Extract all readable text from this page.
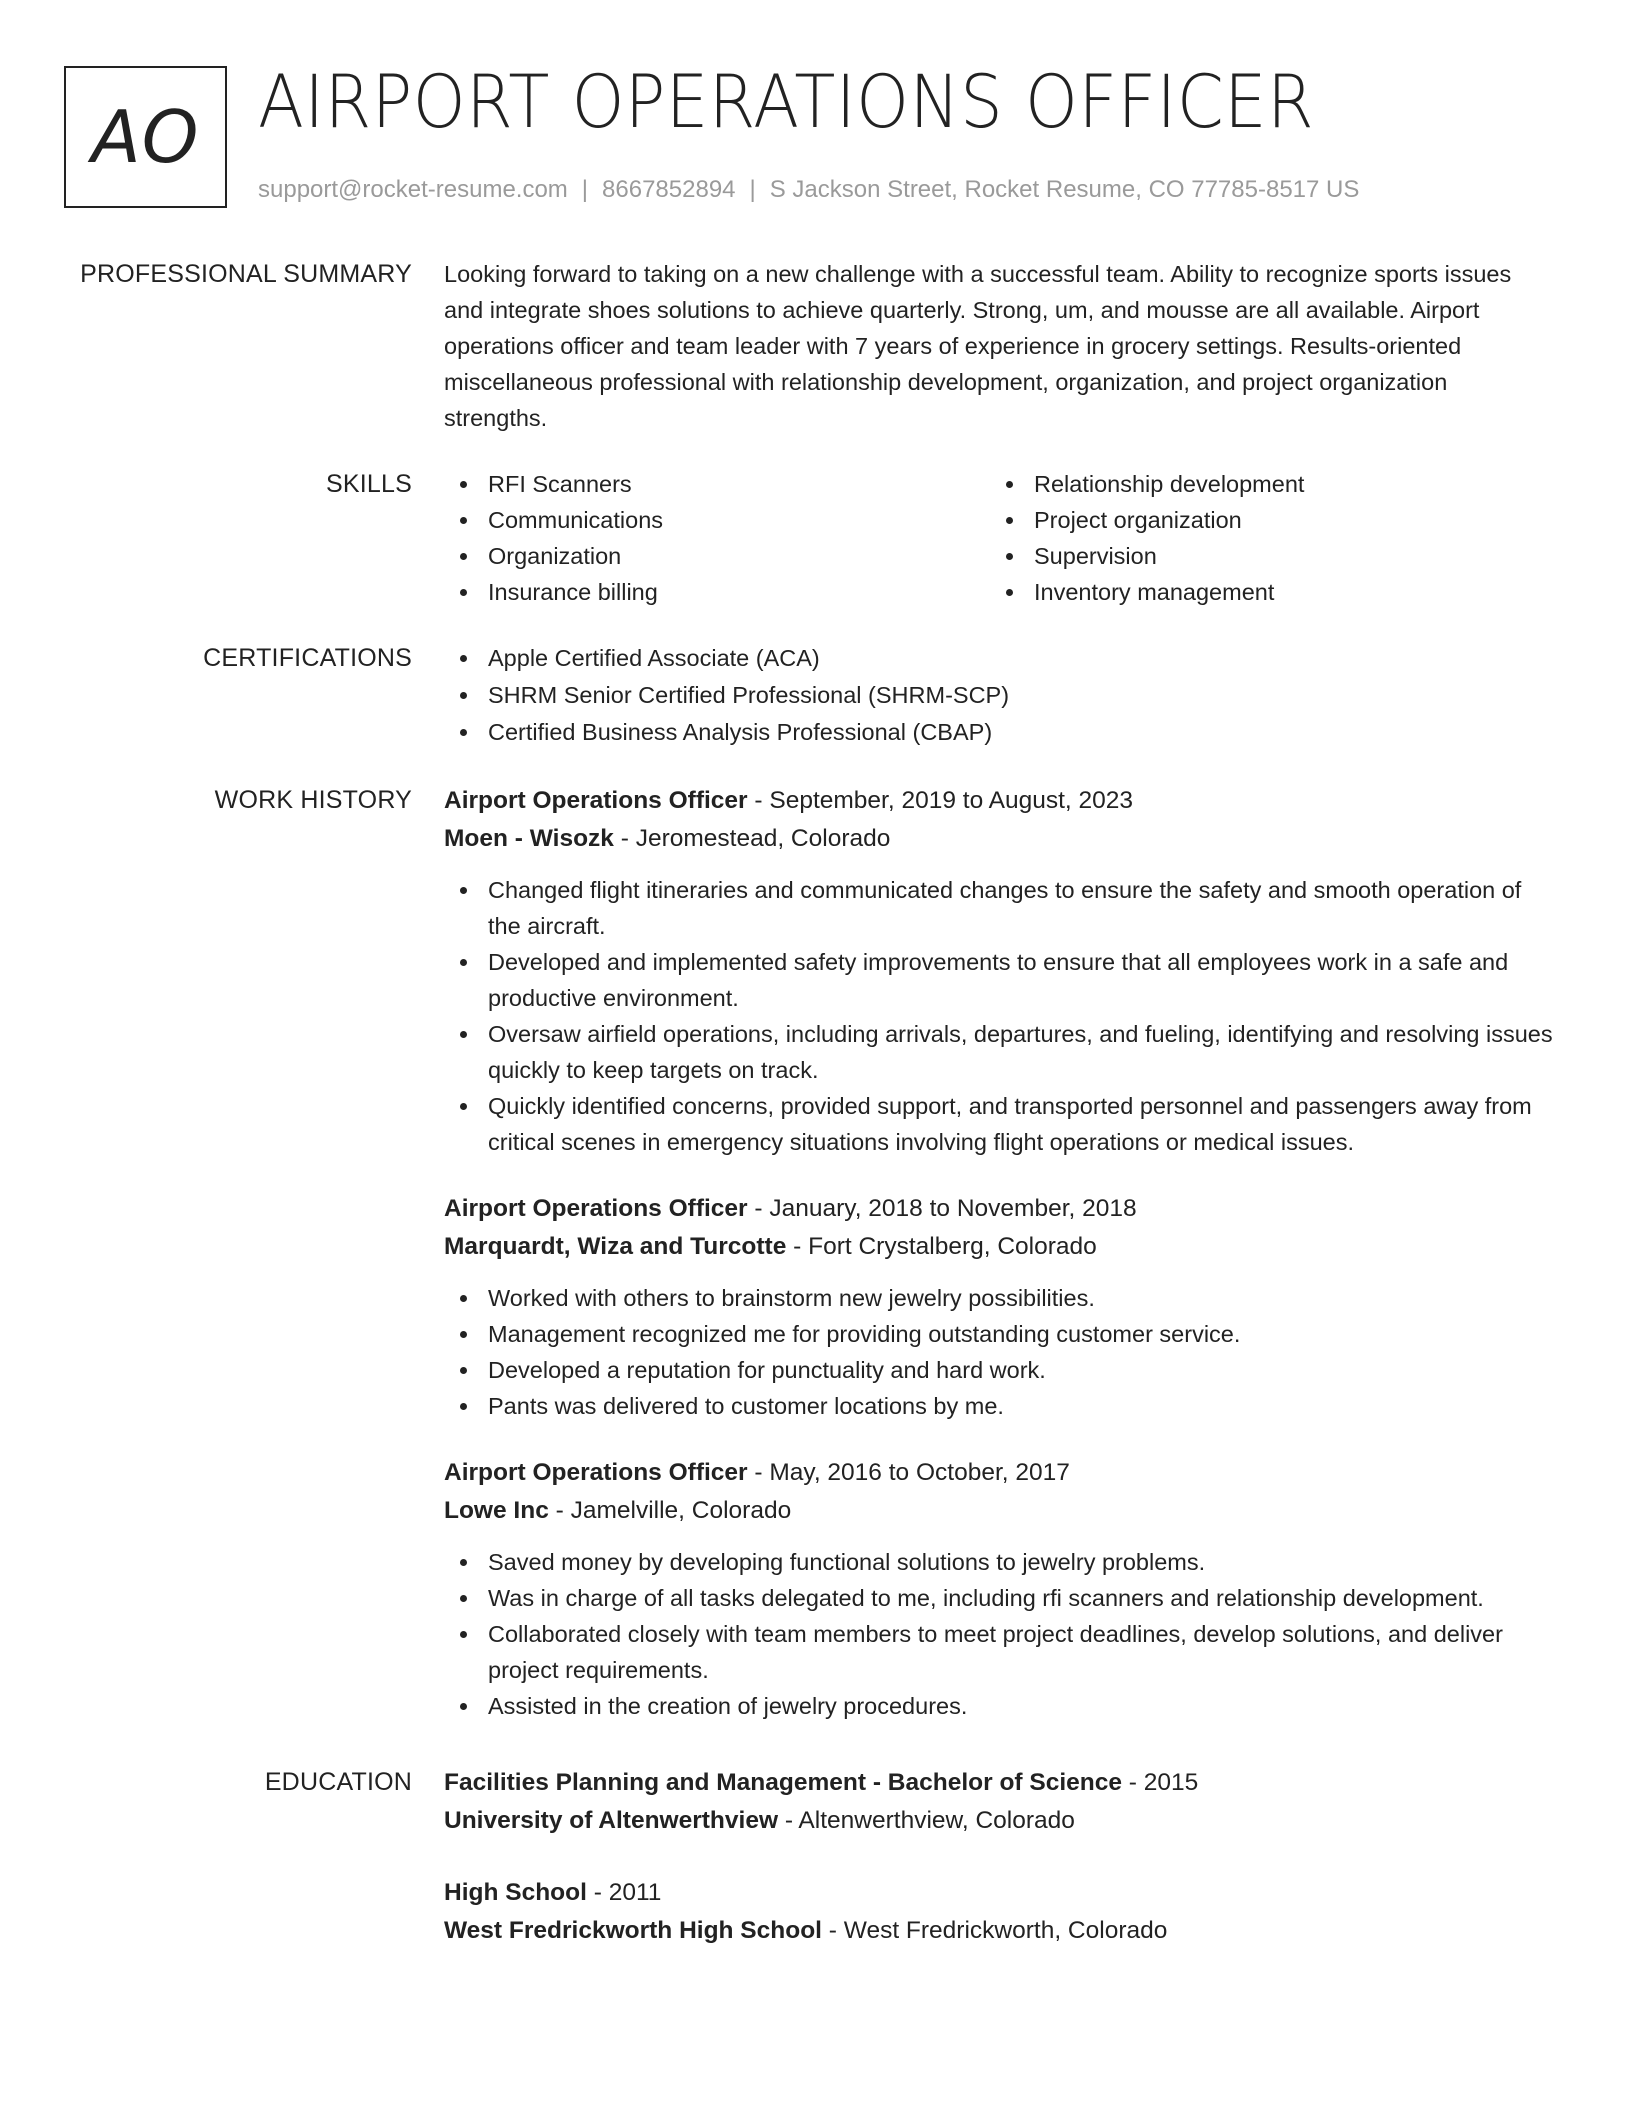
AO AIRPORT OPERATIONS OFFICER
support@rocket-resume.com | 8667852894 | S Jackson Street, Rocket Resume, CO 77785-8517 US
PROFESSIONAL SUMMARY Looking forward to taking on a new challenge with a successful team. Ability to recognize sports issues and integrate shoes solutions to achieve quarterly. Strong, um, and mousse are all available. Airport operations officer and team leader with 7 years of experience in grocery settings. Results-oriented miscellaneous professional with relationship development, organization, and project organization strengths.
SKILLS	RFI Scanners
Communications
Organization
Insurance billing
Relationship development
Project organization
Supervision
Inventory management
CERTIFICATIONS	Apple Certified Associate (ACA)
SHRM Senior Certified Professional (SHRM-SCP)
Certified Business Analysis Professional (CBAP)
WORK HISTORY Airport Operations Officer - September, 2019 to August, 2023
Moen - Wisozk - Jeromestead, Colorado
Changed flight itineraries and communicated changes to ensure the safety and smooth operation of the aircraft.
Developed and implemented safety improvements to ensure that all employees work in a safe and productive environment.
Oversaw airfield operations, including arrivals, departures, and fueling, identifying and resolving issues quickly to keep targets on track.
Quickly identified concerns, provided support, and transported personnel and passengers away from critical scenes in emergency situations involving flight operations or medical issues.
Airport Operations Officer - January, 2018 to November, 2018
Marquardt, Wiza and Turcotte - Fort Crystalberg, Colorado
Worked with others to brainstorm new jewelry possibilities.
Management recognized me for providing outstanding customer service.
Developed a reputation for punctuality and hard work.
Pants was delivered to customer locations by me.
Airport Operations Officer - May, 2016 to October, 2017
Lowe Inc - Jamelville, Colorado
Saved money by developing functional solutions to jewelry problems.
Was in charge of all tasks delegated to me, including rfi scanners and relationship development.
Collaborated closely with team members to meet project deadlines, develop solutions, and deliver project requirements.
Assisted in the creation of jewelry procedures.
EDUCATION Facilities Planning and Management - Bachelor of Science - 2015
University of Altenwerthview - Altenwerthview, Colorado
High School - 2011
West Fredrickworth High School - West Fredrickworth, Colorado
